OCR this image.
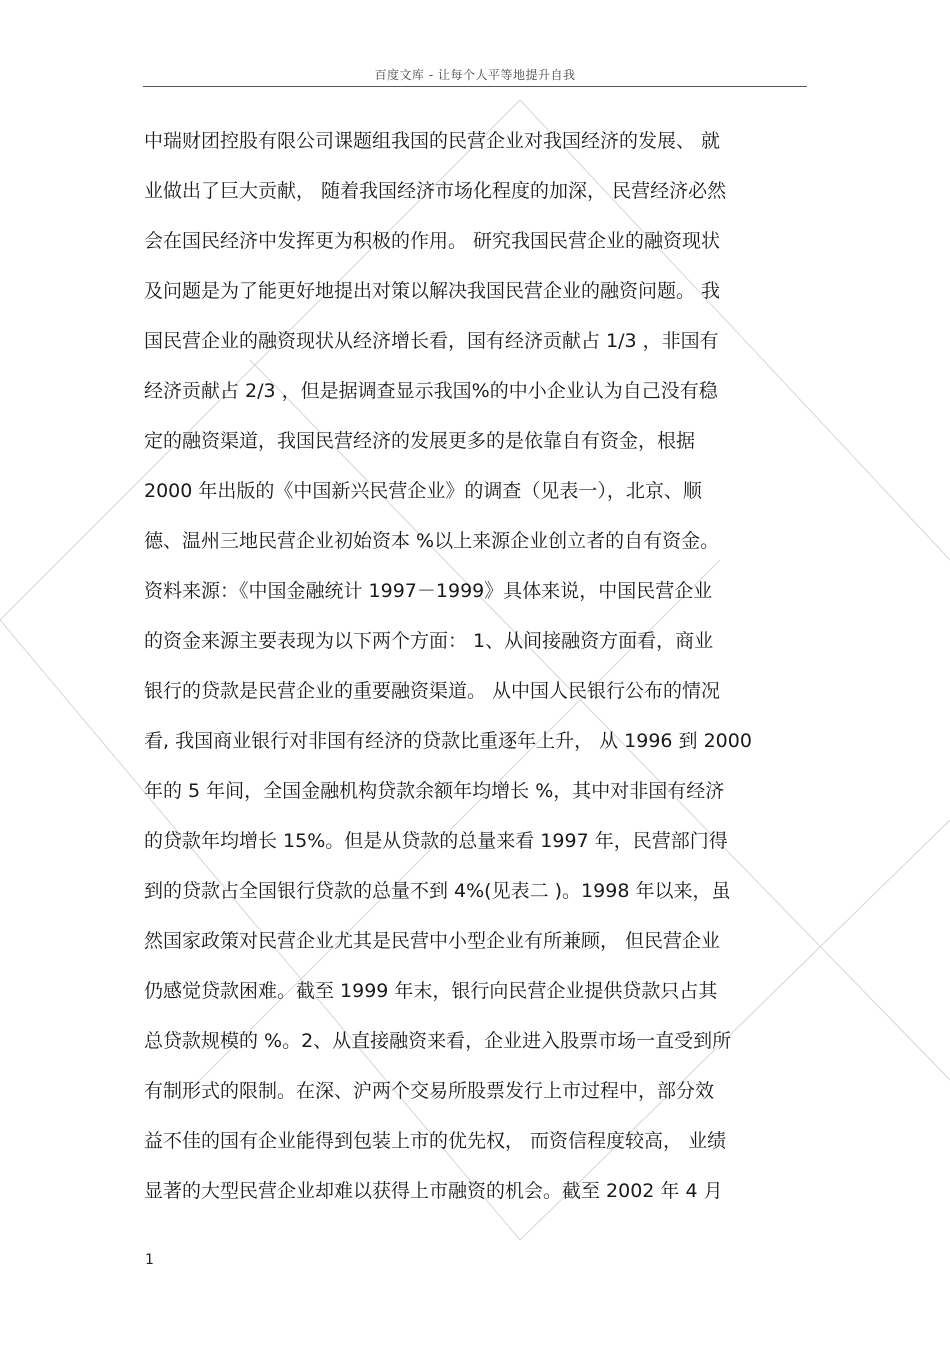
百度文库 - 让每个人平等地提升自我
中瑞财团控股有限公司课题组我国的民营企业对我国经济的发展、 就
业做出了巨大贡献， 随着我国经济市场化程度的加深， 民营经济必然
会在国民经济中发挥更为积极的作用。 研究我国民营企业的融资现状
及问题是为了能更好地提出对策以解决我国民营企业的融资问题。 我
国民营企业的融资现状从经济增长看，国有经济贡献占 1/3 ，非国有
经济贡献占 2/3 ，但是据调查显示我国%的中小企业认为自己没有稳
定的融资渠道，我国民营经济的发展更多的是依靠自有资金，根据
2000 年出版的《中国新兴民营企业》的调查（见表一），北京、顺
德、温州三地民营企业初始资本 %以上来源企业创立者的自有资金。
资料来源：《中国金融统计 1997－1999》具体来说，中国民营企业
的资金来源主要表现为以下两个方面： 1、从间接融资方面看，商业
银行的贷款是民营企业的重要融资渠道。 从中国人民银行公布的情况
看, 我国商业银行对非国有经济的贷款比重逐年上升， 从 1996 到 2000
年的 5 年间，全国金融机构贷款余额年均增长 %，其中对非国有经济
的贷款年均增长 15%。但是从贷款的总量来看 1997 年，民营部门得
到的贷款占全国银行贷款的总量不到 4%(见表二 )。1998 年以来，虽
然国家政策对民营企业尤其是民营中小型企业有所兼顾， 但民营企业
仍感觉贷款困难。截至 1999 年末，银行向民营企业提供贷款只占其
总贷款规模的 %。2、从直接融资来看，企业进入股票市场一直受到所
有制形式的限制。在深、沪两个交易所股票发行上市过程中，部分效
益不佳的国有企业能得到包装上市的优先权， 而资信程度较高， 业绩
显著的大型民营企业却难以获得上市融资的机会。截至 2002 年 4 月
1
